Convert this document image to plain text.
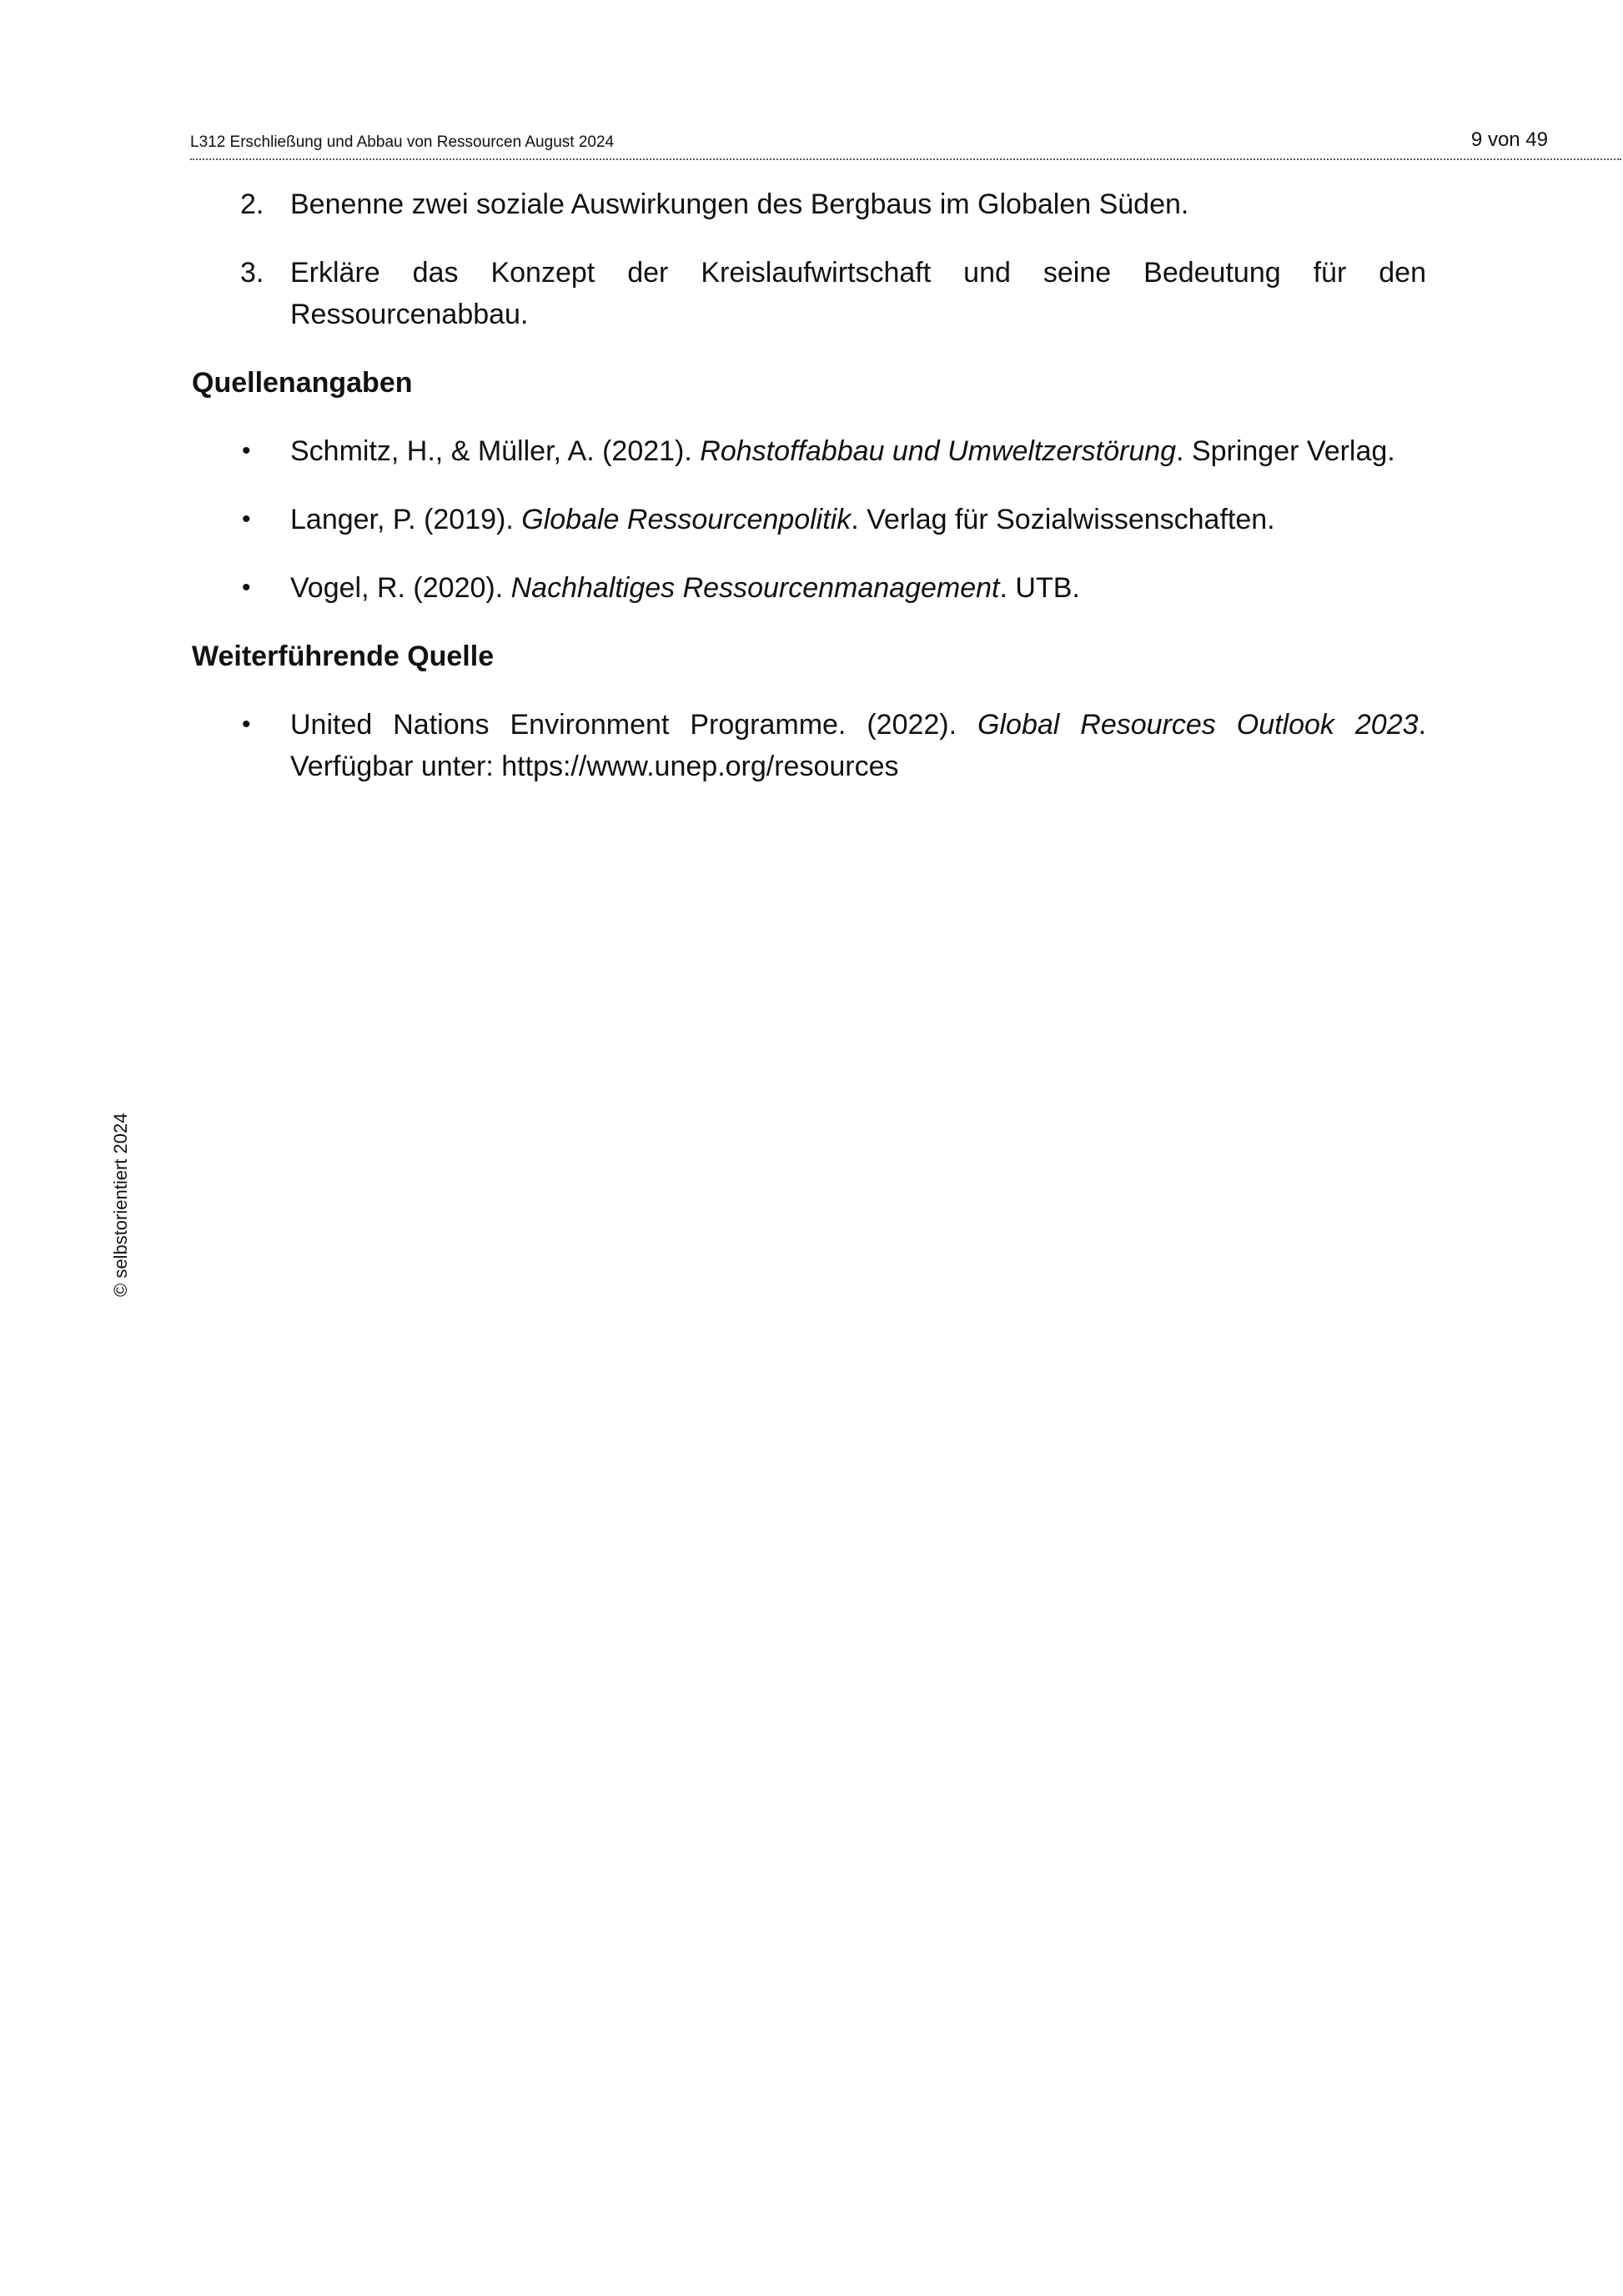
L312 Erschließung und Abbau von Ressourcen August 2024	9 von 49
© selbstorientiert 2024
2. Benenne zwei soziale Auswirkungen des Bergbaus im Globalen Süden.
3. Erkläre das Konzept der Kreislaufwirtschaft und seine Bedeutung für den Ressourcenabbau.
Quellenangaben
• Schmitz, H., & Müller, A. (2021). Rohstoffabbau und Umweltzerstörung. Springer Verlag.
• Langer, P. (2019). Globale Ressourcenpolitik. Verlag für Sozialwissenschaften.
• Vogel, R. (2020). Nachhaltiges Ressourcenmanagement. UTB.
Weiterführende Quelle
• United Nations Environment Programme. (2022). Global Resources Outlook 2023. Verfügbar unter: https://www.unep.org/resources
